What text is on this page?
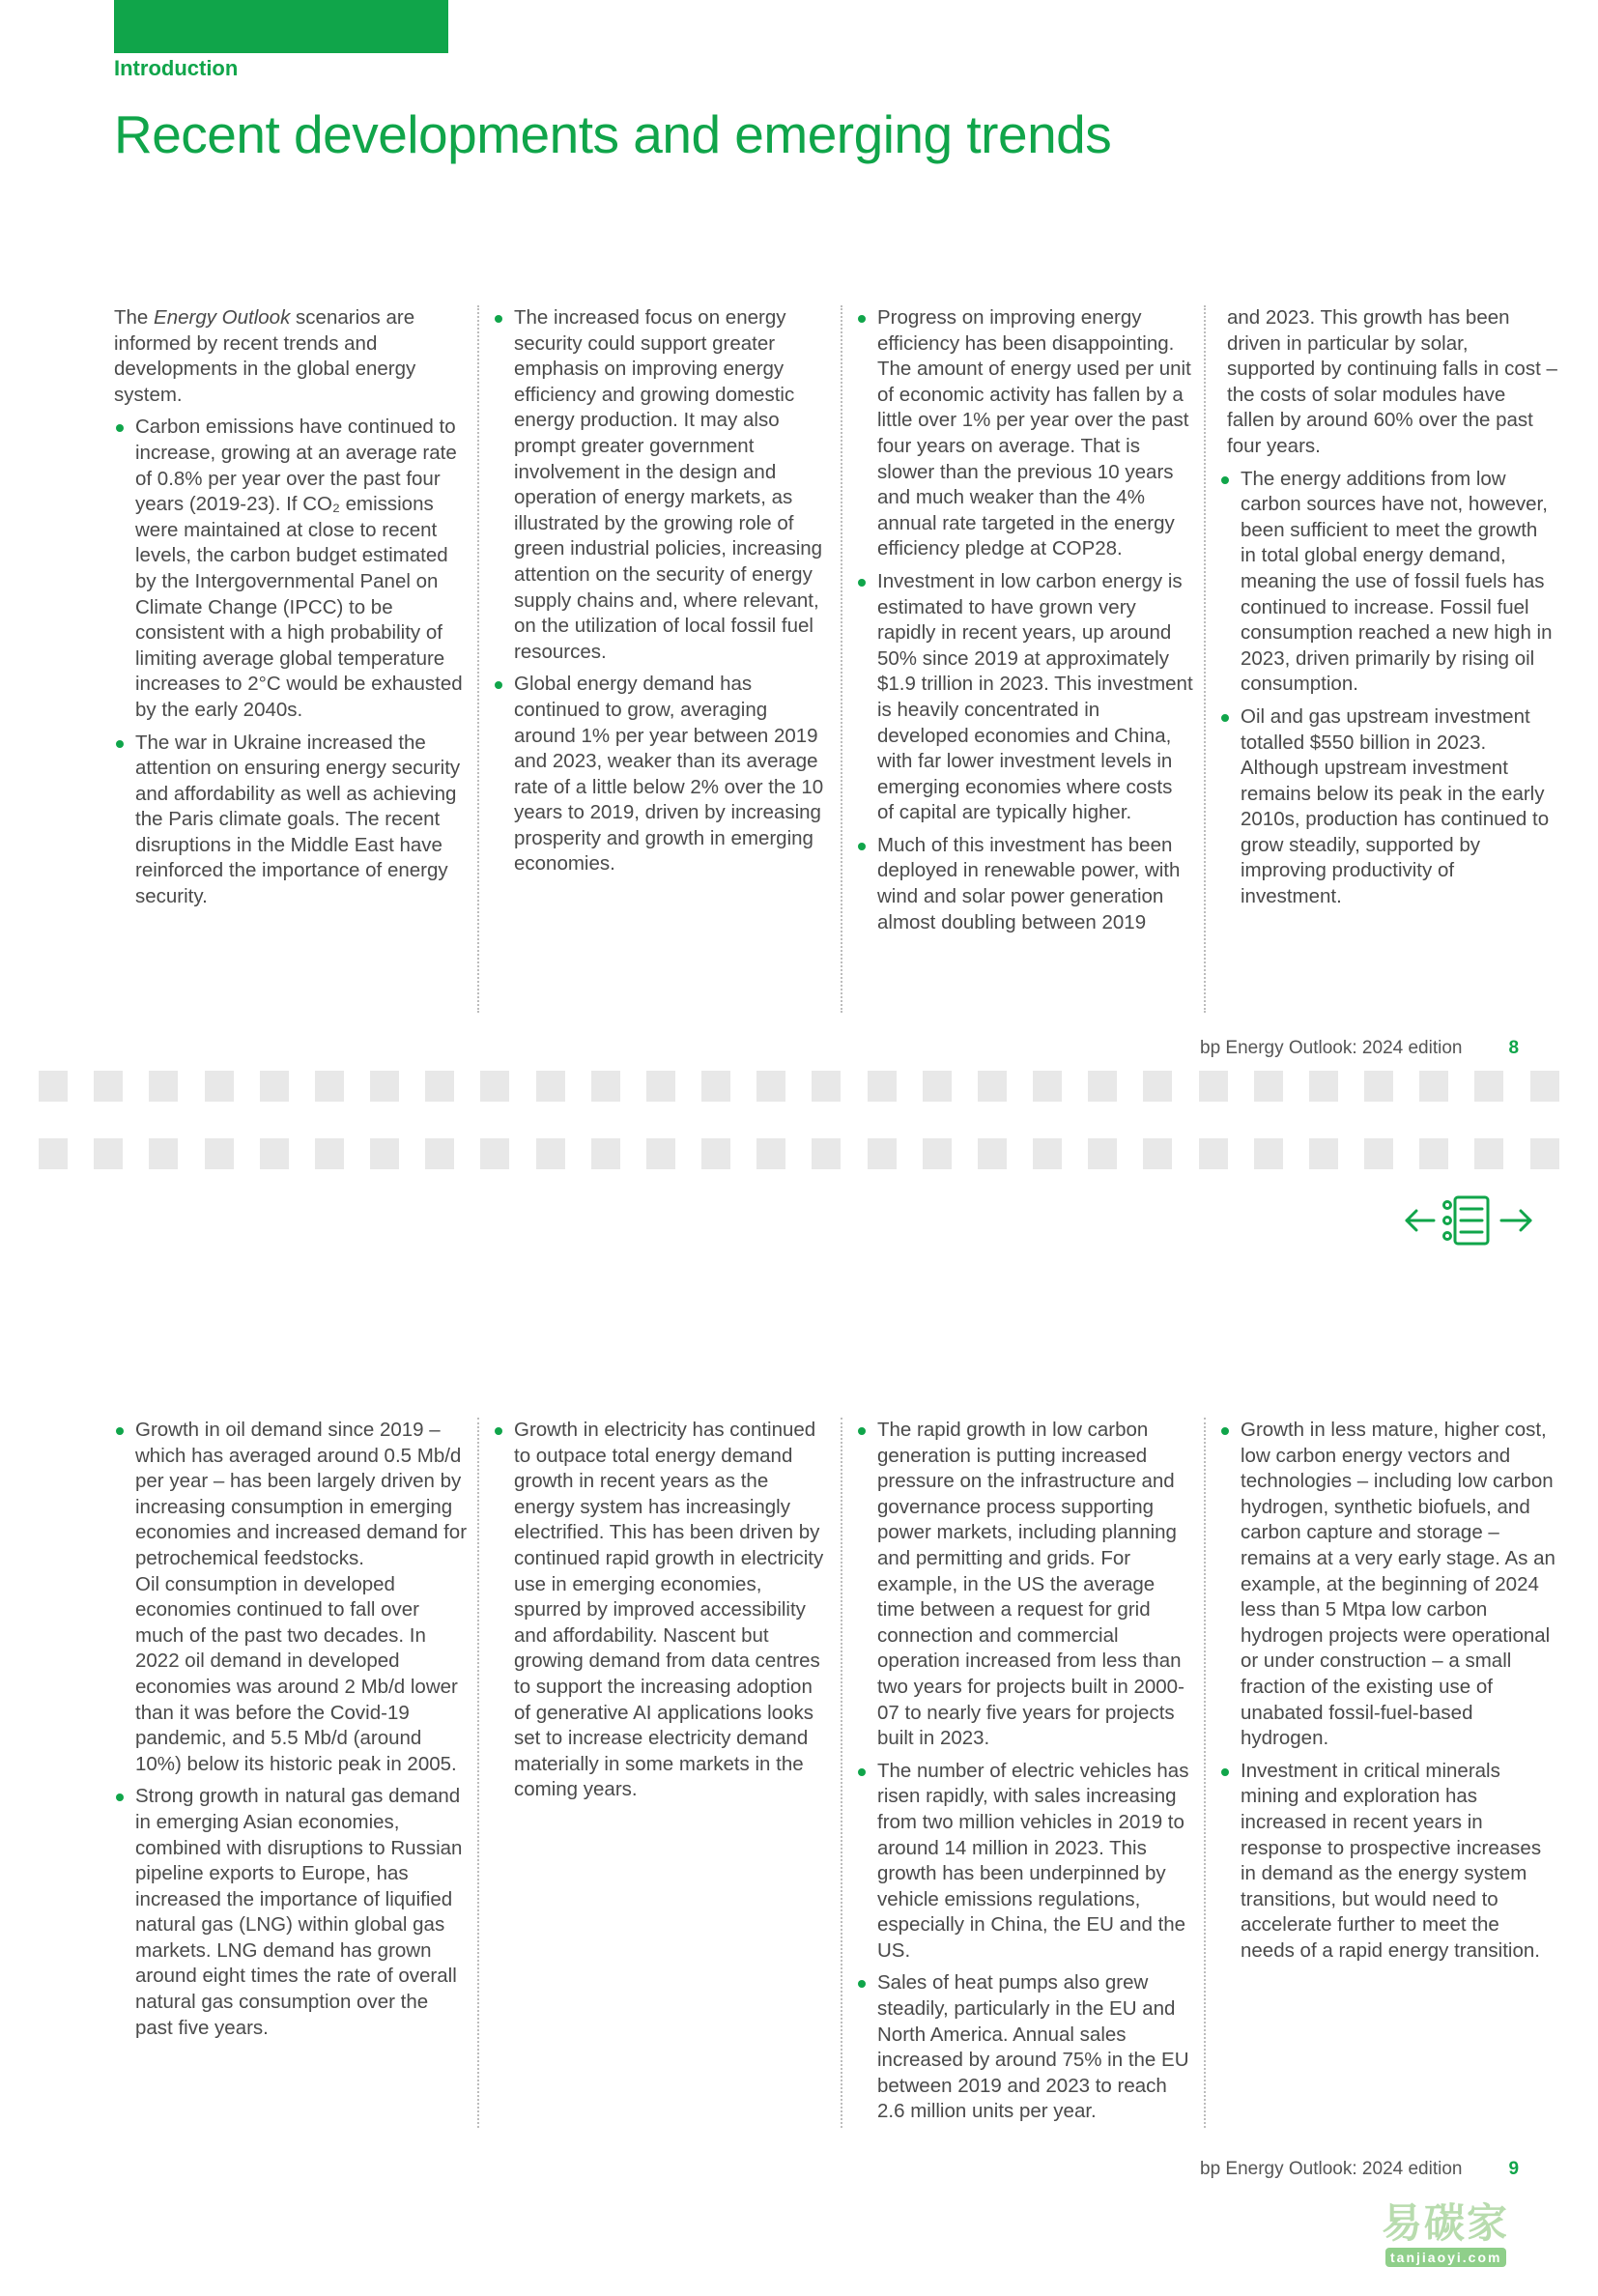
Introduction
Recent developments and emerging trends

The Energy Outlook scenarios are informed by recent trends and developments in the global energy system.

Carbon emissions have continued to increase, growing at an average rate of 0.8% per year over the past four years (2019-23). If CO₂ emissions were maintained at close to recent levels, the carbon budget estimated by the Intergovernmental Panel on Climate Change (IPCC) to be consistent with a high probability of limiting average global temperature increases to 2°C would be exhausted by the early 2040s.
The war in Ukraine increased the attention on ensuring energy security and affordability as well as achieving the Paris climate goals. The recent disruptions in the Middle East have reinforced the importance of energy security.
The increased focus on energy security could support greater emphasis on improving energy efficiency and growing domestic energy production. It may also prompt greater government involvement in the design and operation of energy markets, as illustrated by the growing role of green industrial policies, increasing attention on the security of energy supply chains and, where relevant, on the utilization of local fossil fuel resources.
Global energy demand has continued to grow, averaging around 1% per year between 2019 and 2023, weaker than its average rate of a little below 2% over the 10 years to 2019, driven by increasing prosperity and growth in emerging economies.
Progress on improving energy efficiency has been disappointing. The amount of energy used per unit of economic activity has fallen by a little over 1% per year over the past four years on average. That is slower than the previous 10 years and much weaker than the 4% annual rate targeted in the energy efficiency pledge at COP28.
Investment in low carbon energy is estimated to have grown very rapidly in recent years, up around 50% since 2019 at approximately $1.9 trillion in 2023. This investment is heavily concentrated in developed economies and China, with far lower investment levels in emerging economies where costs of capital are typically higher.
Much of this investment has been deployed in renewable power, with wind and solar power generation almost doubling between 2019

and 2023. This growth has been driven in particular by solar, supported by continuing falls in cost – the costs of solar modules have fallen by around 60% over the past four years.

The energy additions from low carbon sources have not, however, been sufficient to meet the growth in total global energy demand, meaning the use of fossil fuels has continued to increase. Fossil fuel consumption reached a new high in 2023, driven primarily by rising oil consumption.
Oil and gas upstream investment totalled $550 billion in 2023. Although upstream investment remains below its peak in the early 2010s, production has continued to grow steadily, supported by improving productivity of investment.
bp Energy Outlook: 2024 edition	8
Growth in oil demand since 2019 – which has averaged around 0.5 Mb/d per year – has been largely driven by increasing consumption in emerging economies and increased demand for petrochemical feedstocks.
Oil consumption in developed economies continued to fall over much of the past two decades. In 2022 oil demand in developed economies was around 2 Mb/d lower than it was before the Covid-19 pandemic, and 5.5 Mb/d (around 10%) below its historic peak in 2005.
Strong growth in natural gas demand in emerging Asian economies, combined with disruptions to Russian pipeline exports to Europe, has increased the importance of liquified natural gas (LNG) within global gas markets. LNG demand has grown around eight times the rate of overall natural gas consumption over the past five years.
Growth in electricity has continued to outpace total energy demand growth in recent years as the energy system has increasingly electrified. This has been driven by continued rapid growth in electricity use in emerging economies, spurred by improved accessibility and affordability. Nascent but growing demand from data centres to support the increasing adoption of generative AI applications looks set to increase electricity demand materially in some markets in the coming years.
The rapid growth in low carbon generation is putting increased pressure on the infrastructure and governance process supporting power markets, including planning and permitting and grids. For example, in the US the average time between a request for grid connection and commercial operation increased from less than two years for projects built in 2000-07 to nearly five years for projects built in 2023.
The number of electric vehicles has risen rapidly, with sales increasing from two million vehicles in 2019 to around 14 million in 2023. This growth has been underpinned by vehicle emissions regulations, especially in China, the EU and the US.
Sales of heat pumps also grew steadily, particularly in the EU and North America. Annual sales increased by around 75% in the EU between 2019 and 2023 to reach 2.6 million units per year.
Growth in less mature, higher cost, low carbon energy vectors and technologies – including low carbon hydrogen, synthetic biofuels, and carbon capture and storage – remains at a very early stage. As an example, at the beginning of 2024 less than 5 Mtpa low carbon hydrogen projects were operational or under construction – a small fraction of the existing use of unabated fossil-fuel-based hydrogen.
Investment in critical minerals mining and exploration has increased in recent years in response to prospective increases in demand as the energy system transitions, but would need to accelerate further to meet the needs of a rapid energy transition.
bp Energy Outlook: 2024 edition	9
易碳家$^{tanjiaoyi.com}$
